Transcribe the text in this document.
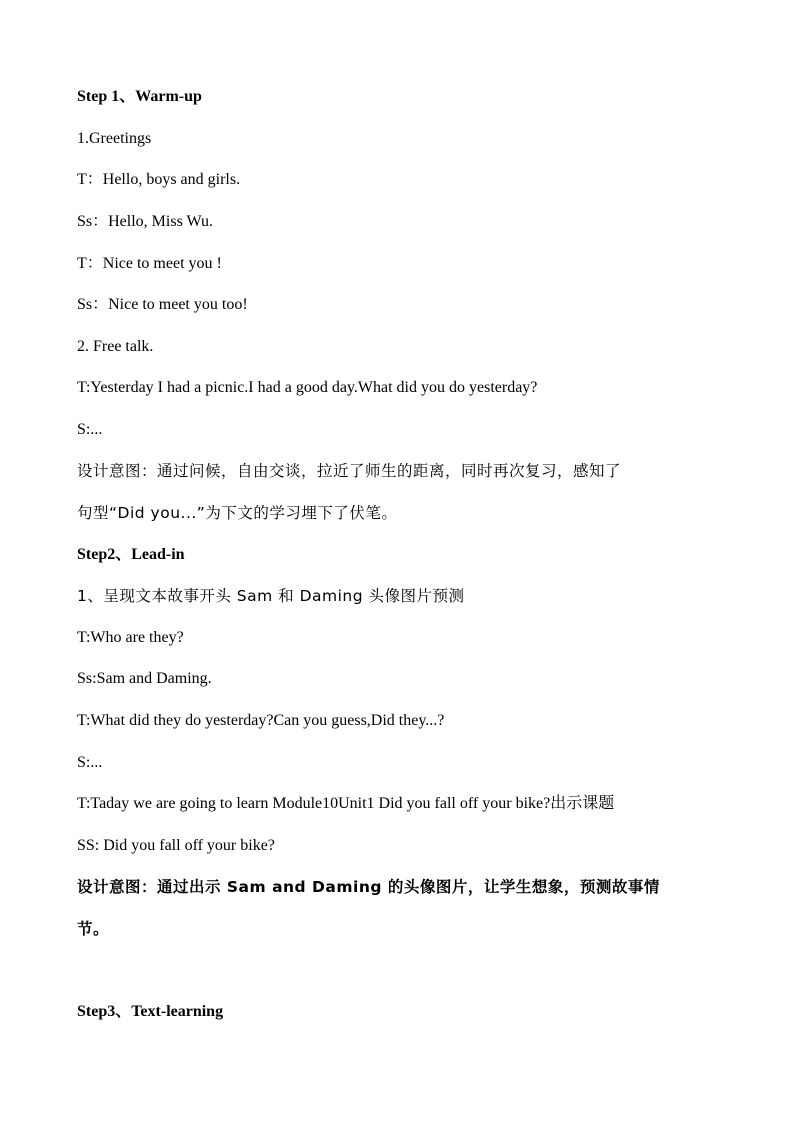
Step 1、Warm-up
1.Greetings
T：Hello, boys and girls.
Ss：Hello, Miss Wu.
T：Nice to meet you !
Ss：Nice to meet you too!
2. Free talk.
T:Yesterday I had a picnic.I had a good day.What did you do yesterday?
S:...
设计意图：通过问候，自由交谈，拉近了师生的距离，同时再次复习，感知了
句型“Did you...”为下文的学习埋下了伏笔。
Step2、Lead-in
1、呈现文本故事开头 Sam 和 Daming 头像图片预测
T:Who are they?
Ss:Sam and Daming.
T:What did they do yesterday?Can you guess,Did they...?
S:...
T:Taday we are going to learn Module10Unit1 Did you fall off your bike?出示课题
SS: Did you fall off your bike?
设计意图：通过出示 Sam and Daming 的头像图片，让学生想象，预测故事情
节。
Step3、Text-learning
